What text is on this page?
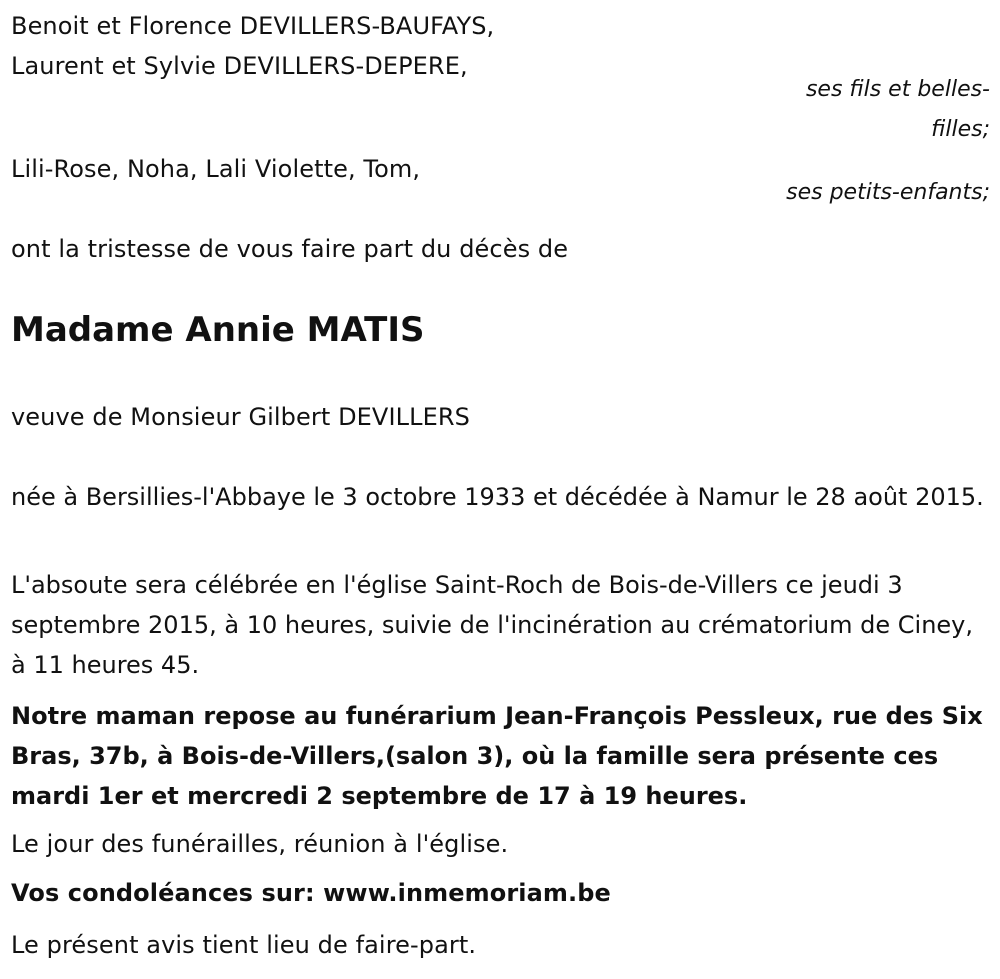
Benoit et Florence DEVILLERS-BAUFAYS,
Laurent et Sylvie DEVILLERS-DEPERE,
ses fils et belles-
filles;
Lili-Rose, Noha, Lali Violette, Tom,
ses petits-enfants;
ont la tristesse de vous faire part du décès de
Madame Annie MATIS
veuve de Monsieur Gilbert DEVILLERS
née à Bersillies-l'Abbaye le 3 octobre 1933 et décédée à Namur le 28 août 2015.
L'absoute sera célébrée en l'église Saint-Roch de Bois-de-Villers ce jeudi 3 septembre 2015, à 10 heures, suivie de l'incinération au crématorium de Ciney, à 11 heures 45.
Notre maman repose au funérarium Jean-François Pessleux, rue des Six Bras, 37b, à Bois-de-Villers,(salon 3), où la famille sera présente ces mardi 1er et mercredi 2 septembre de 17 à 19 heures.
Le jour des funérailles, réunion à l'église.
Vos condoléances sur: www.inmemoriam.be
Le présent avis tient lieu de faire-part.
